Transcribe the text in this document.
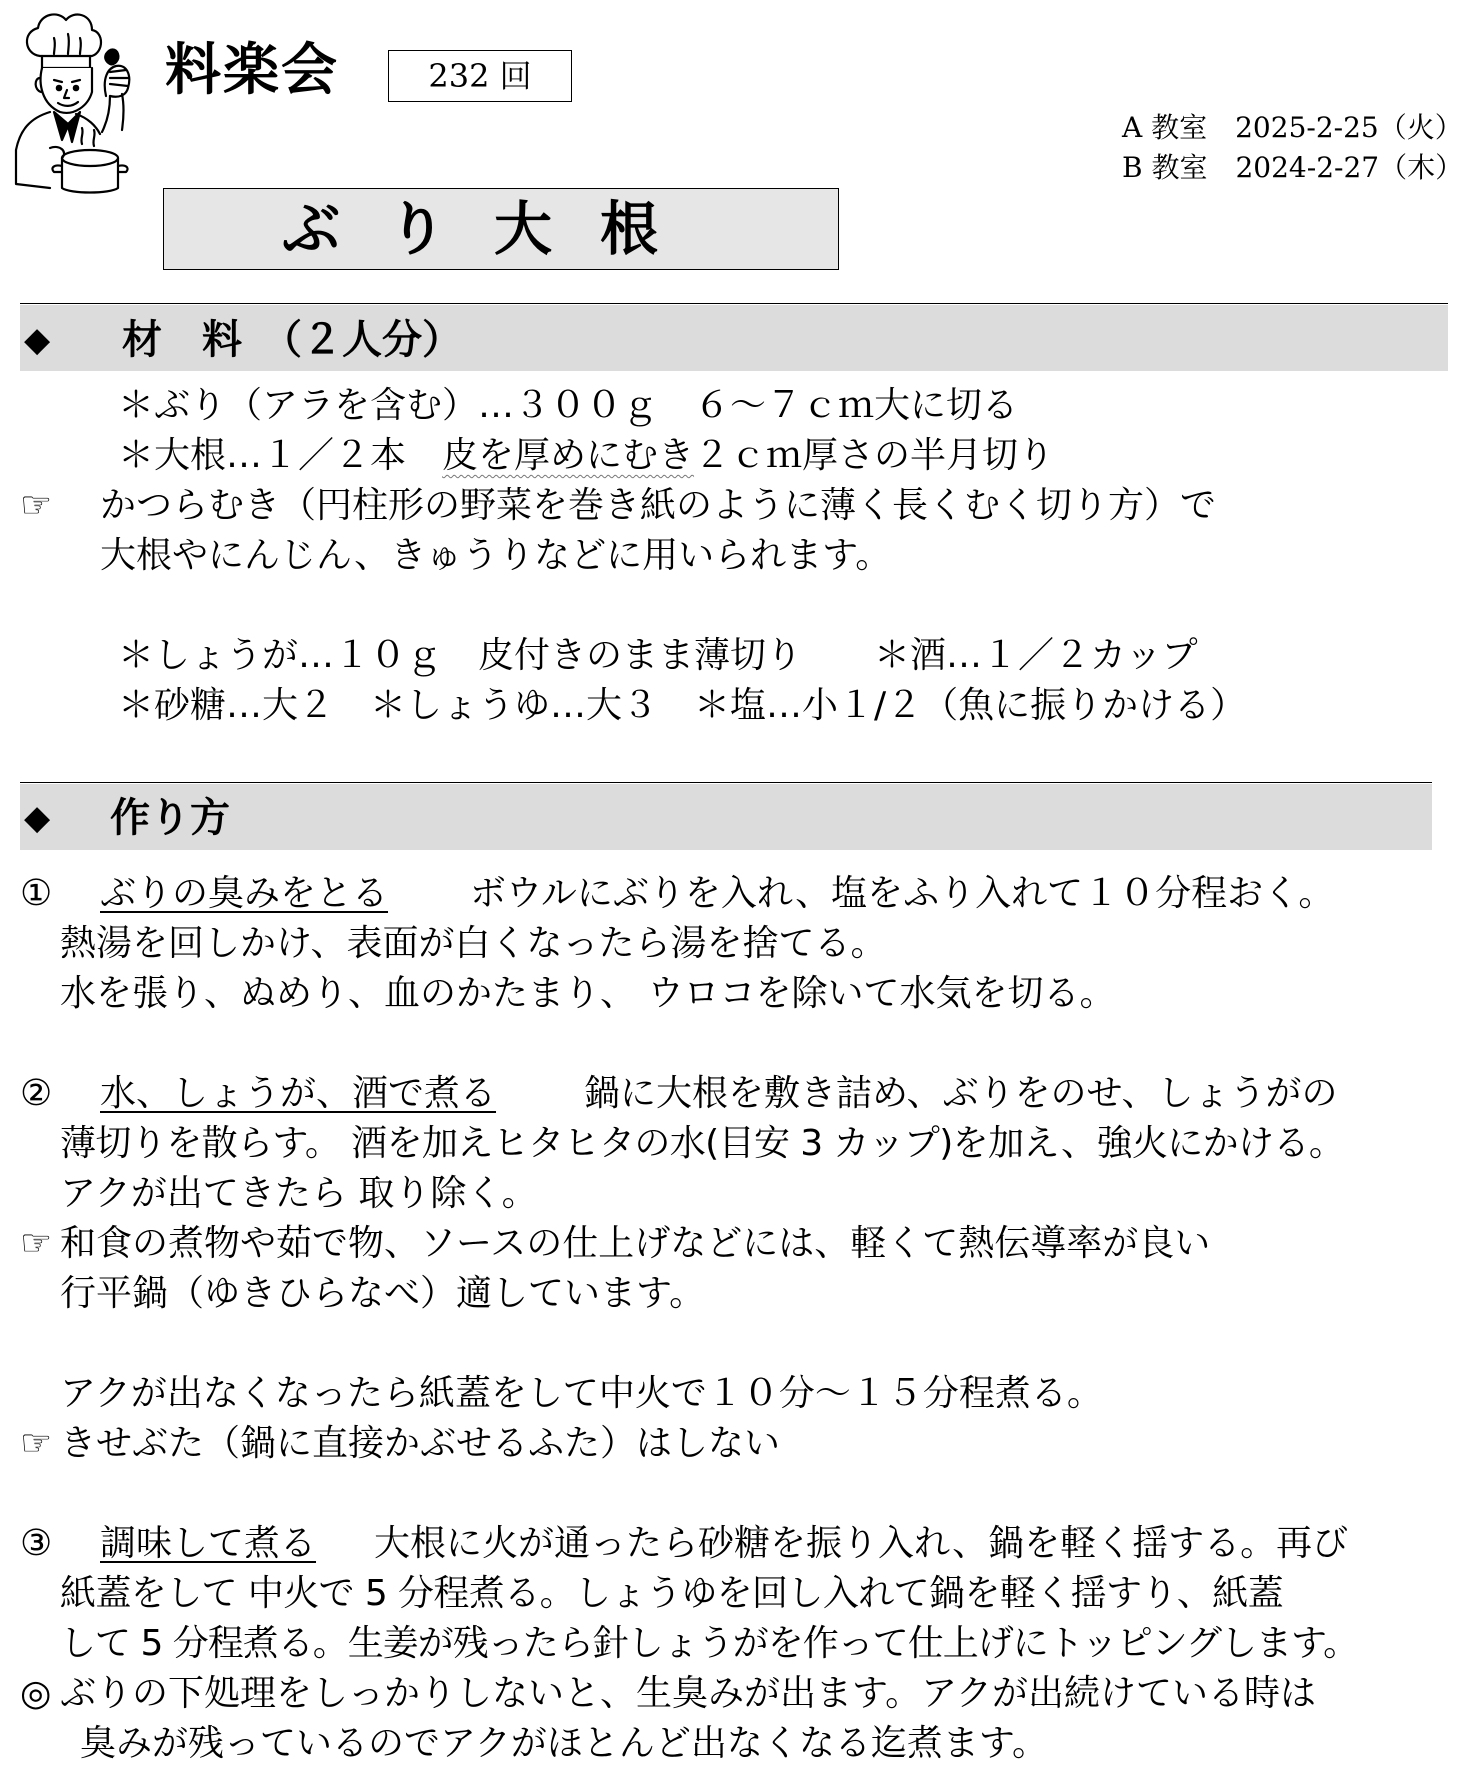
料楽会	232 回
A 教室　2025-2-25（火）
B 教室　2024-2-27（木）
ぶり大根
◆ 材　料　（２人分）
＊ぶり（アラを含む）…３００ｇ　６～７ｃｍ大に切る
＊大根…１／２本　皮を厚めにむき２ｃｍ厚さの半月切り
☞ かつらむき（円柱形の野菜を巻き紙のように薄く長くむく切り方）で
大根やにんじん、きゅうりなどに用いられます。
＊しょうが…１０ｇ　皮付きのまま薄切り　　＊酒…１／２カップ
＊砂糖…大２　＊しょうゆ…大３　＊塩…小１/２（魚に振りかける）
◆ 作り方
① ぶりの臭みをとる ボウルにぶりを入れ、塩をふり入れて１０分程おく。
熱湯を回しかけ、表面が白くなったら湯を捨てる。
水を張り、ぬめり、血のかたまり、 ウロコを除いて水気を切る。
② 水、しょうが、酒で煮る 鍋に大根を敷き詰め、ぶりをのせ、しょうがの
薄切りを散らす。 酒を加えヒタヒタの水(目安 3 カップ)を加え、強火にかける。
アクが出てきたら 取り除く。
☞ 和食の煮物や茹で物、ソースの仕上げなどには、軽くて熱伝導率が良い
行平鍋（ゆきひらなべ）適しています。
アクが出なくなったら紙蓋をして中火で１０分～１５分程煮る。
☞ きせぶた（鍋に直接かぶせるふた）はしない
③ 調味して煮る 大根に火が通ったら砂糖を振り入れ、鍋を軽く揺する。再び
紙蓋をして 中火で 5 分程煮る。しょうゆを回し入れて鍋を軽く揺すり、紙蓋
して 5 分程煮る。生姜が残ったら針しょうがを作って仕上げにトッピングします。
◎ ぶりの下処理をしっかりしないと、生臭みが出ます。アクが出続けている時は
臭みが残っているのでアクがほとんど出なくなる迄煮ます。
